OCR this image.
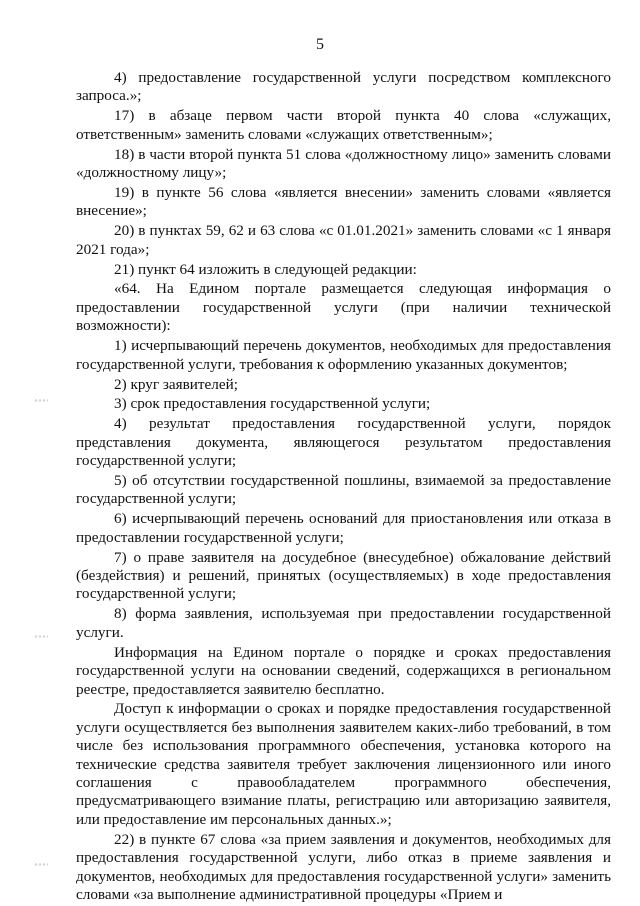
5

4) предоставление государственной услуги посредством комплексного запроса.»;

17) в абзаце первом части второй пункта 40 слова «служащих, ответственным» заменить словами «служащих ответственным»;

18) в части второй пункта 51 слова «должностному лицо» заменить словами «должностному лицу»;

19) в пункте 56 слова «является внесении» заменить словами «является внесение»;

20) в пунктах 59, 62 и 63 слова «с 01.01.2021» заменить словами «с 1 января 2021 года»;

21) пункт 64 изложить в следующей редакции:

«64. На Едином портале размещается следующая информация о предоставлении государственной услуги (при наличии технической возможности):

1) исчерпывающий перечень документов, необходимых для предоставления государственной услуги, требования к оформлению указанных документов;

2) круг заявителей;

3) срок предоставления государственной услуги;

4) результат предоставления государственной услуги, порядок представления документа, являющегося результатом предоставления государственной услуги;

5) об отсутствии государственной пошлины, взимаемой за предоставление государственной услуги;

6) исчерпывающий перечень оснований для приостановления или отказа в предоставлении государственной услуги;

7) о праве заявителя на досудебное (внесудебное) обжалование действий (бездействия) и решений, принятых (осуществляемых) в ходе предоставления государственной услуги;

8) форма заявления, используемая при предоставлении государственной услуги.

Информация на Едином портале о порядке и сроках предоставления государственной услуги на основании сведений, содержащихся в региональном реестре, предоставляется заявителю бесплатно.

Доступ к информации о сроках и порядке предоставления государственной услуги осуществляется без выполнения заявителем каких-либо требований, в том числе без использования программного обеспечения, установка которого на технические средства заявителя требует заключения лицензионного или иного соглашения с правообладателем программного обеспечения, предусматривающего взимание платы, регистрацию или авторизацию заявителя, или предоставление им персональных данных.»;

22) в пункте 67 слова «за прием заявления и документов, необходимых для предоставления государственной услуги, либо отказ в приеме заявления и документов, необходимых для предоставления государственной услуги» заменить словами «за выполнение административной процедуры «Прием и
